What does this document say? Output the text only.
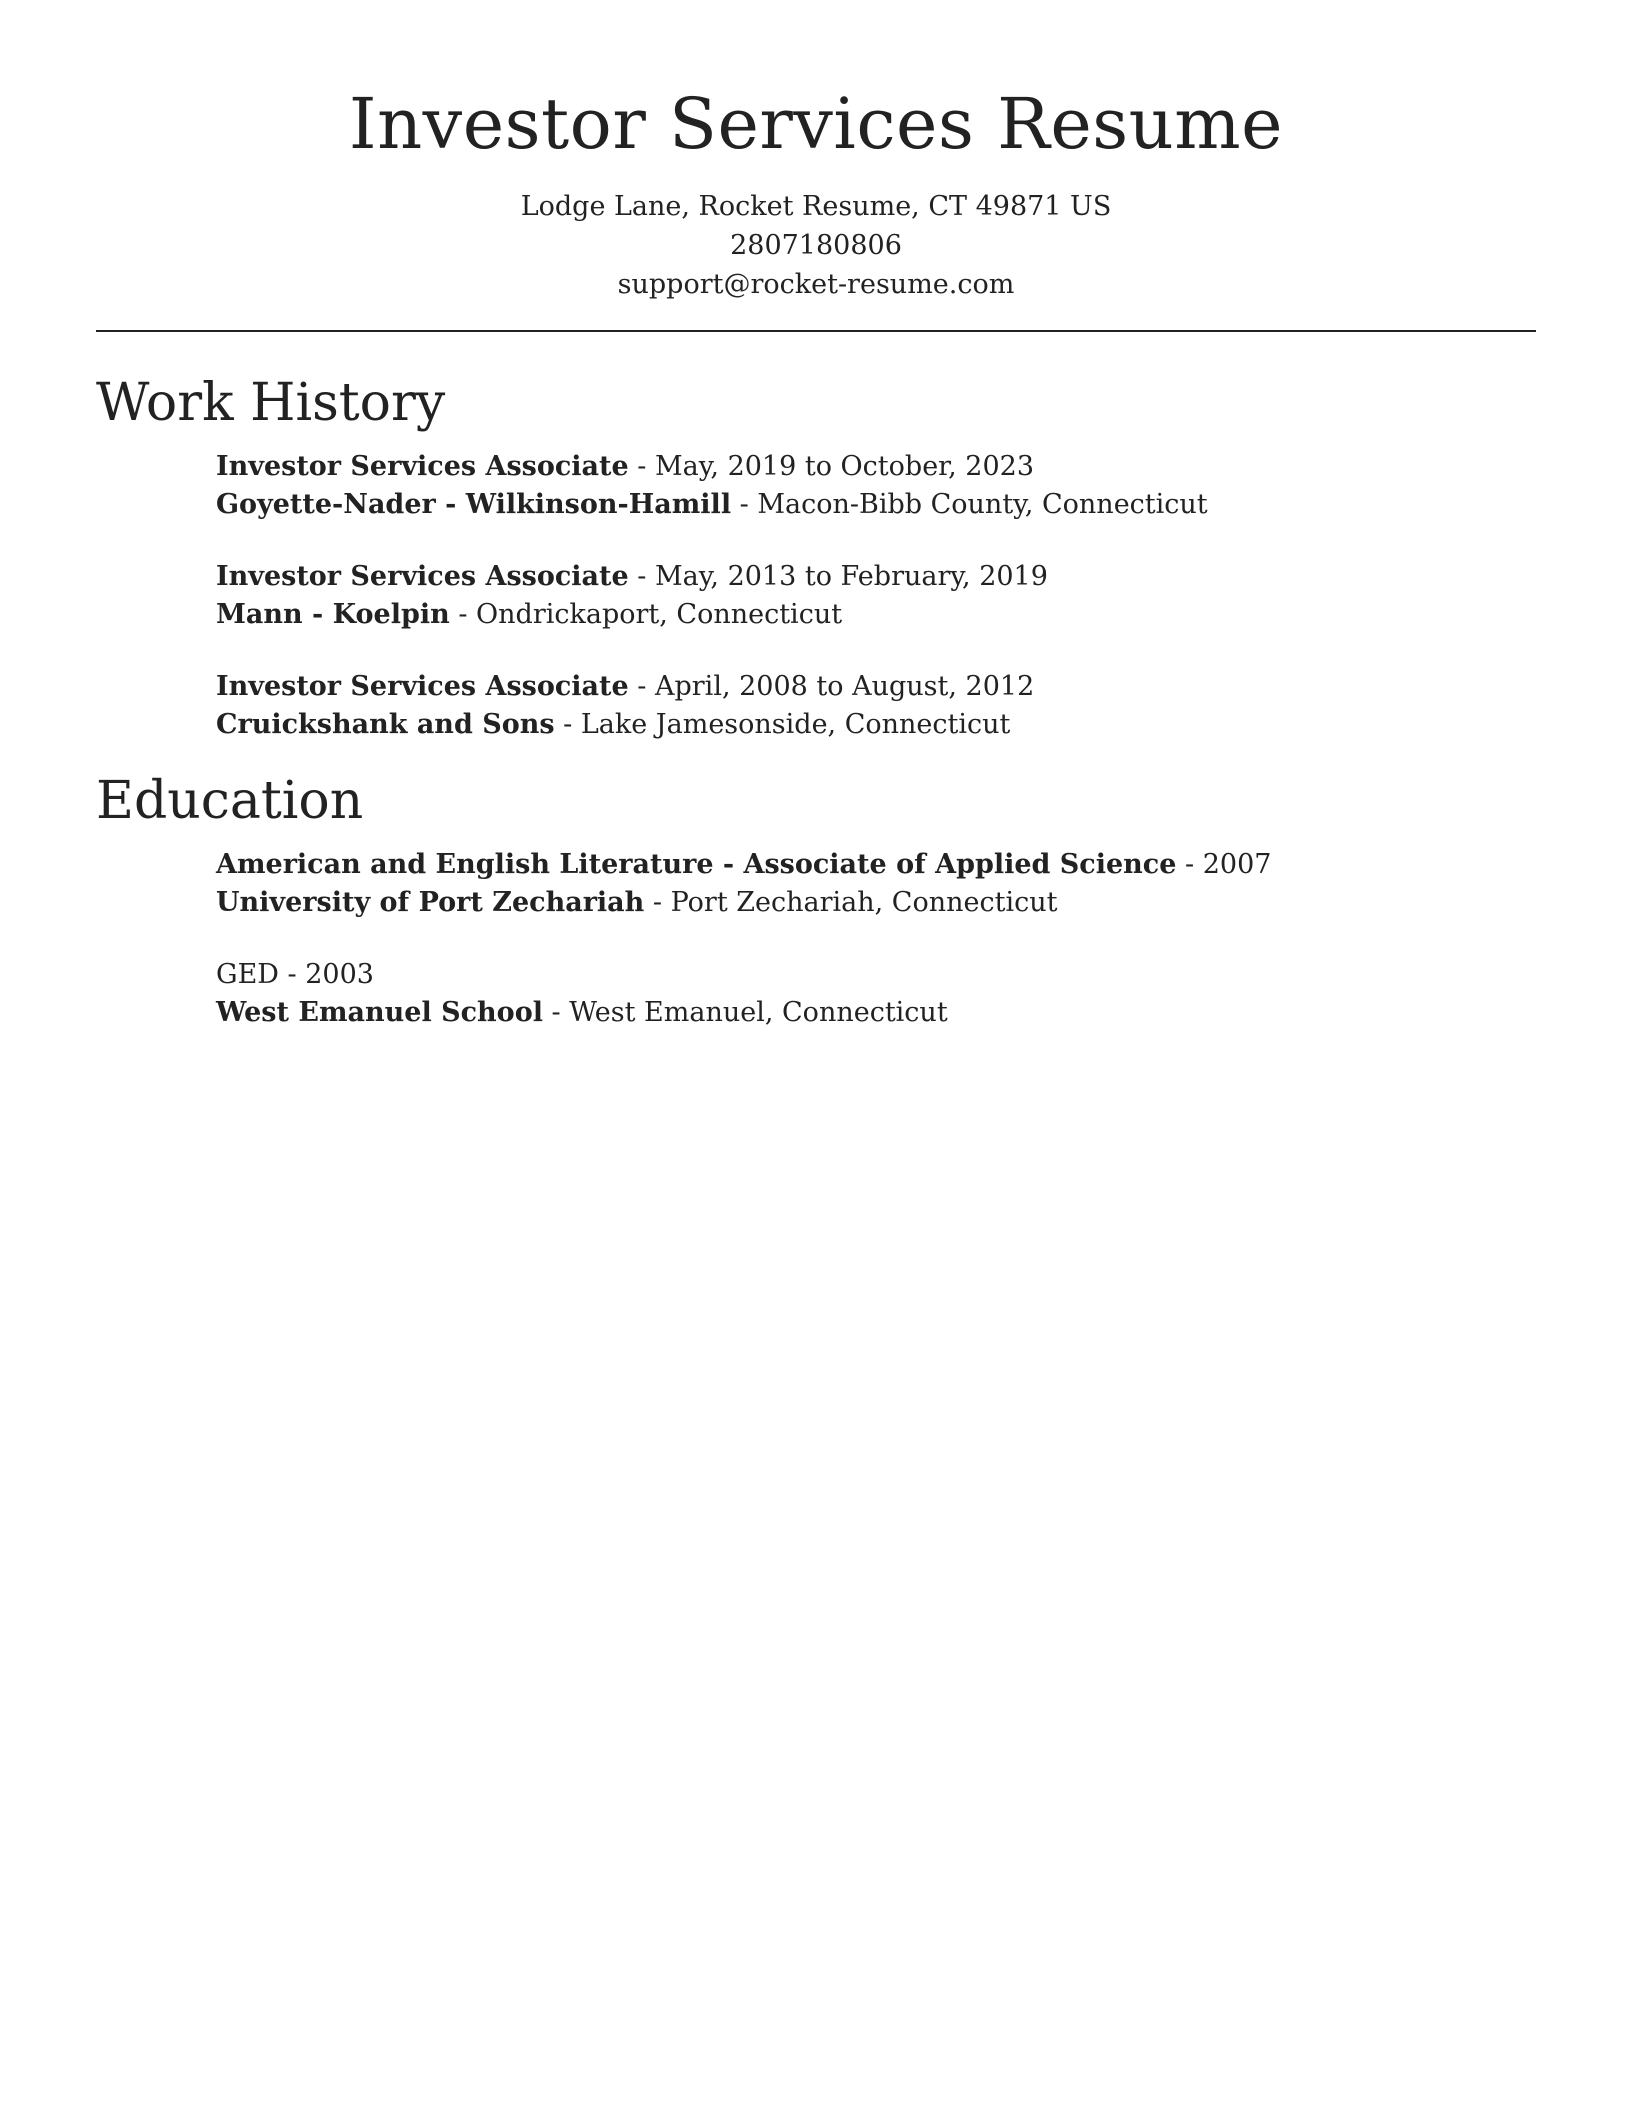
Investor Services Resume
Lodge Lane, Rocket Resume, CT 49871 US
2807180806
support@rocket-resume.com
Work History
Investor Services Associate - May, 2019 to October, 2023
Goyette-Nader - Wilkinson-Hamill - Macon-Bibb County, Connecticut
Investor Services Associate - May, 2013 to February, 2019
Mann - Koelpin - Ondrickaport, Connecticut
Investor Services Associate - April, 2008 to August, 2012
Cruickshank and Sons - Lake Jamesonside, Connecticut
Education
American and English Literature - Associate of Applied Science - 2007
University of Port Zechariah - Port Zechariah, Connecticut
GED - 2003
West Emanuel School - West Emanuel, Connecticut
